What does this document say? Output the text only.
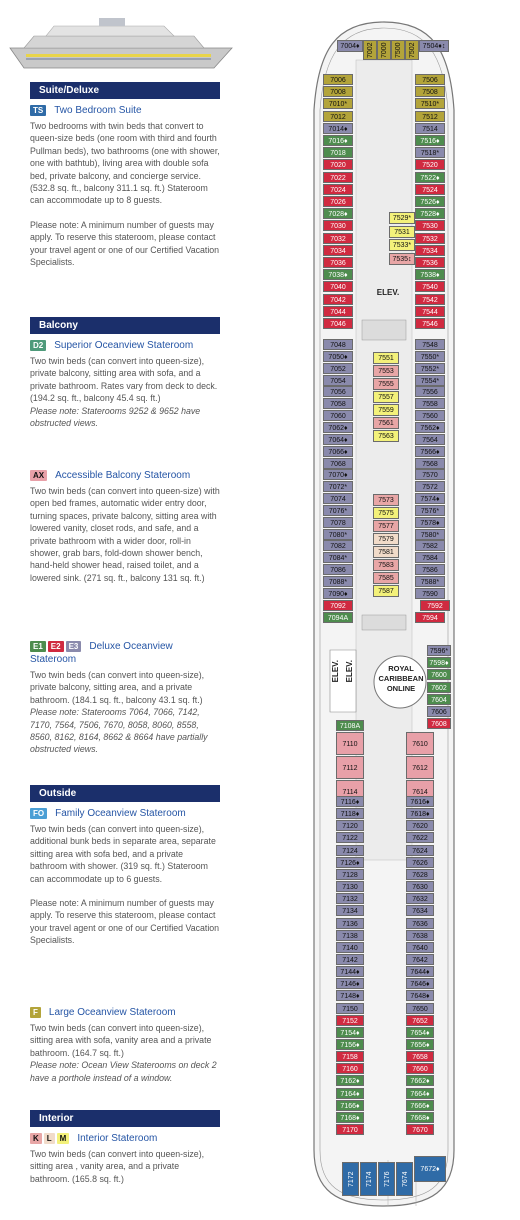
Suite/Deluxe
TS Two Bedroom Suite
Two bedrooms with twin beds that convert to queen-size beds (one room with third and fourth Pullman beds), two bathrooms (one with shower, one with bathtub), living area with double sofa bed, private balcony, and concierge service. (532.8 sq. ft., balcony 311.1 sq. ft.) Stateroom can accommodate up to 8 guests.
Please note: A minimum number of guests may apply. To reserve this stateroom, please contact your travel agent or one of our Certified Vacation Specialists.
Balcony
D2 Superior Oceanview Stateroom
Two twin beds (can convert into queen-size), private balcony, sitting area with sofa, and a private bathroom. Rates vary from deck to deck. (194.2 sq. ft., balcony 45.4 sq. ft.)
Please note: Staterooms 9252 & 9652 have obstructed views.
AX Accessible Balcony Stateroom
Two twin beds (can convert into queen-size) with open bed frames, automatic wider entry door, turning spaces, private balcony, sitting area with lowered vanity, closet rods, and safe, and a private bathroom with a wider door, roll-in shower, grab bars, fold-down shower bench, hand-held shower head, raised toilet, and a lowered sink. (271 sq. ft., balcony 131 sq. ft.)
E1 E2 E3 Deluxe Oceanview Stateroom
Two twin beds (can convert into queen-size), private balcony, sitting area, and a private bathroom. (184.1 sq. ft., balcony 43.1 sq. ft.)
Please note: Staterooms 7064, 7066, 7142, 7170, 7564, 7506, 7670, 8058, 8060, 8558, 8560, 8162, 8164, 8662 & 8664 have partially obstructed views.
Outside
FO Family Oceanview Stateroom
Two twin beds (can convert into queen-size), additional bunk beds in separate area, separate sitting area with sofa bed, and a private bathroom with shower. (319 sq. ft.) Stateroom can accommodate up to 6 guests.
Please note: A minimum number of guests may apply. To reserve this stateroom, please contact your travel agent or one of our Certified Vacation Specialists.
F Large Oceanview Stateroom
Two twin beds (can convert into queen-size), sitting area with sofa, vanity area and a private bathroom. (164.7 sq. ft.)
Please note: Ocean View Staterooms on deck 2 have a porthole instead of a window.
Interior
K L M Interior Stateroom
Two twin beds (can convert into queen-size), sitting area , vanity area, and a private bathroom. (165.8 sq. ft.)
ELEV.
ELEV. ELEV.	ROYAL
CARIBBEAN
ONLINE
7004♦	7002	7000	7500	7502 7504♦↕
7006
7008
7010*
7012
7014♦
7016♦
7018
7020
7022
7024
7026
7028♦
7030
7032
7034
7036
7038♦
7040
7042
7044
7046
7048
7050♦
7052
7054
7056
7058
7060
7062♦
7064♦
7066♦
7068
7070♦
7072*
7074
7076*
7078
7080*
7082
7084*
7086
7088*
7090♦
7092
7094A
7506
7508
7510*
7512
7514
7516♦
7518*
7520
7522♦
7524
7526♦
7528♦
7530
7532
7534
7536
7538♦
7540
7542
7544
7546
7548
7550*
7552*
7554*
7556
7558
7560
7562♦
7564
7566♦
7568
7570
7572
7574♦
7576*
7578♦
7580*
7582
7584
7586
7588*
7590
7592
7594
7529*
7531
7533*
7535↕
7551
7553
7555
7557
7559
7561
7563
7573
7575
7577
7579
7581
7583
7585
7587
7596*
7598♦
7600
7602
7604
7606
7608
7108A
7110
7112
7114
7116♦
7118♦
7120
7122
7124
7126♦
7128
7130
7132
7134
7136
7138
7140
7142
7144♦
7146♦
7148♦
7150
7152
7154♦
7156♦
7158
7160
7162♦
7164♦
7166♦
7168♦
7170
7610
7612
7614
7616♦
7618♦
7620
7622
7624
7626
7628
7630
7632
7634
7636
7638
7640
7642
7644♦
7646♦
7648♦
7650
7652
7654♦
7656♦
7658
7660
7662♦
7664♦
7666♦
7668♦
7670
7172	7174	7176	7674
7672♦
